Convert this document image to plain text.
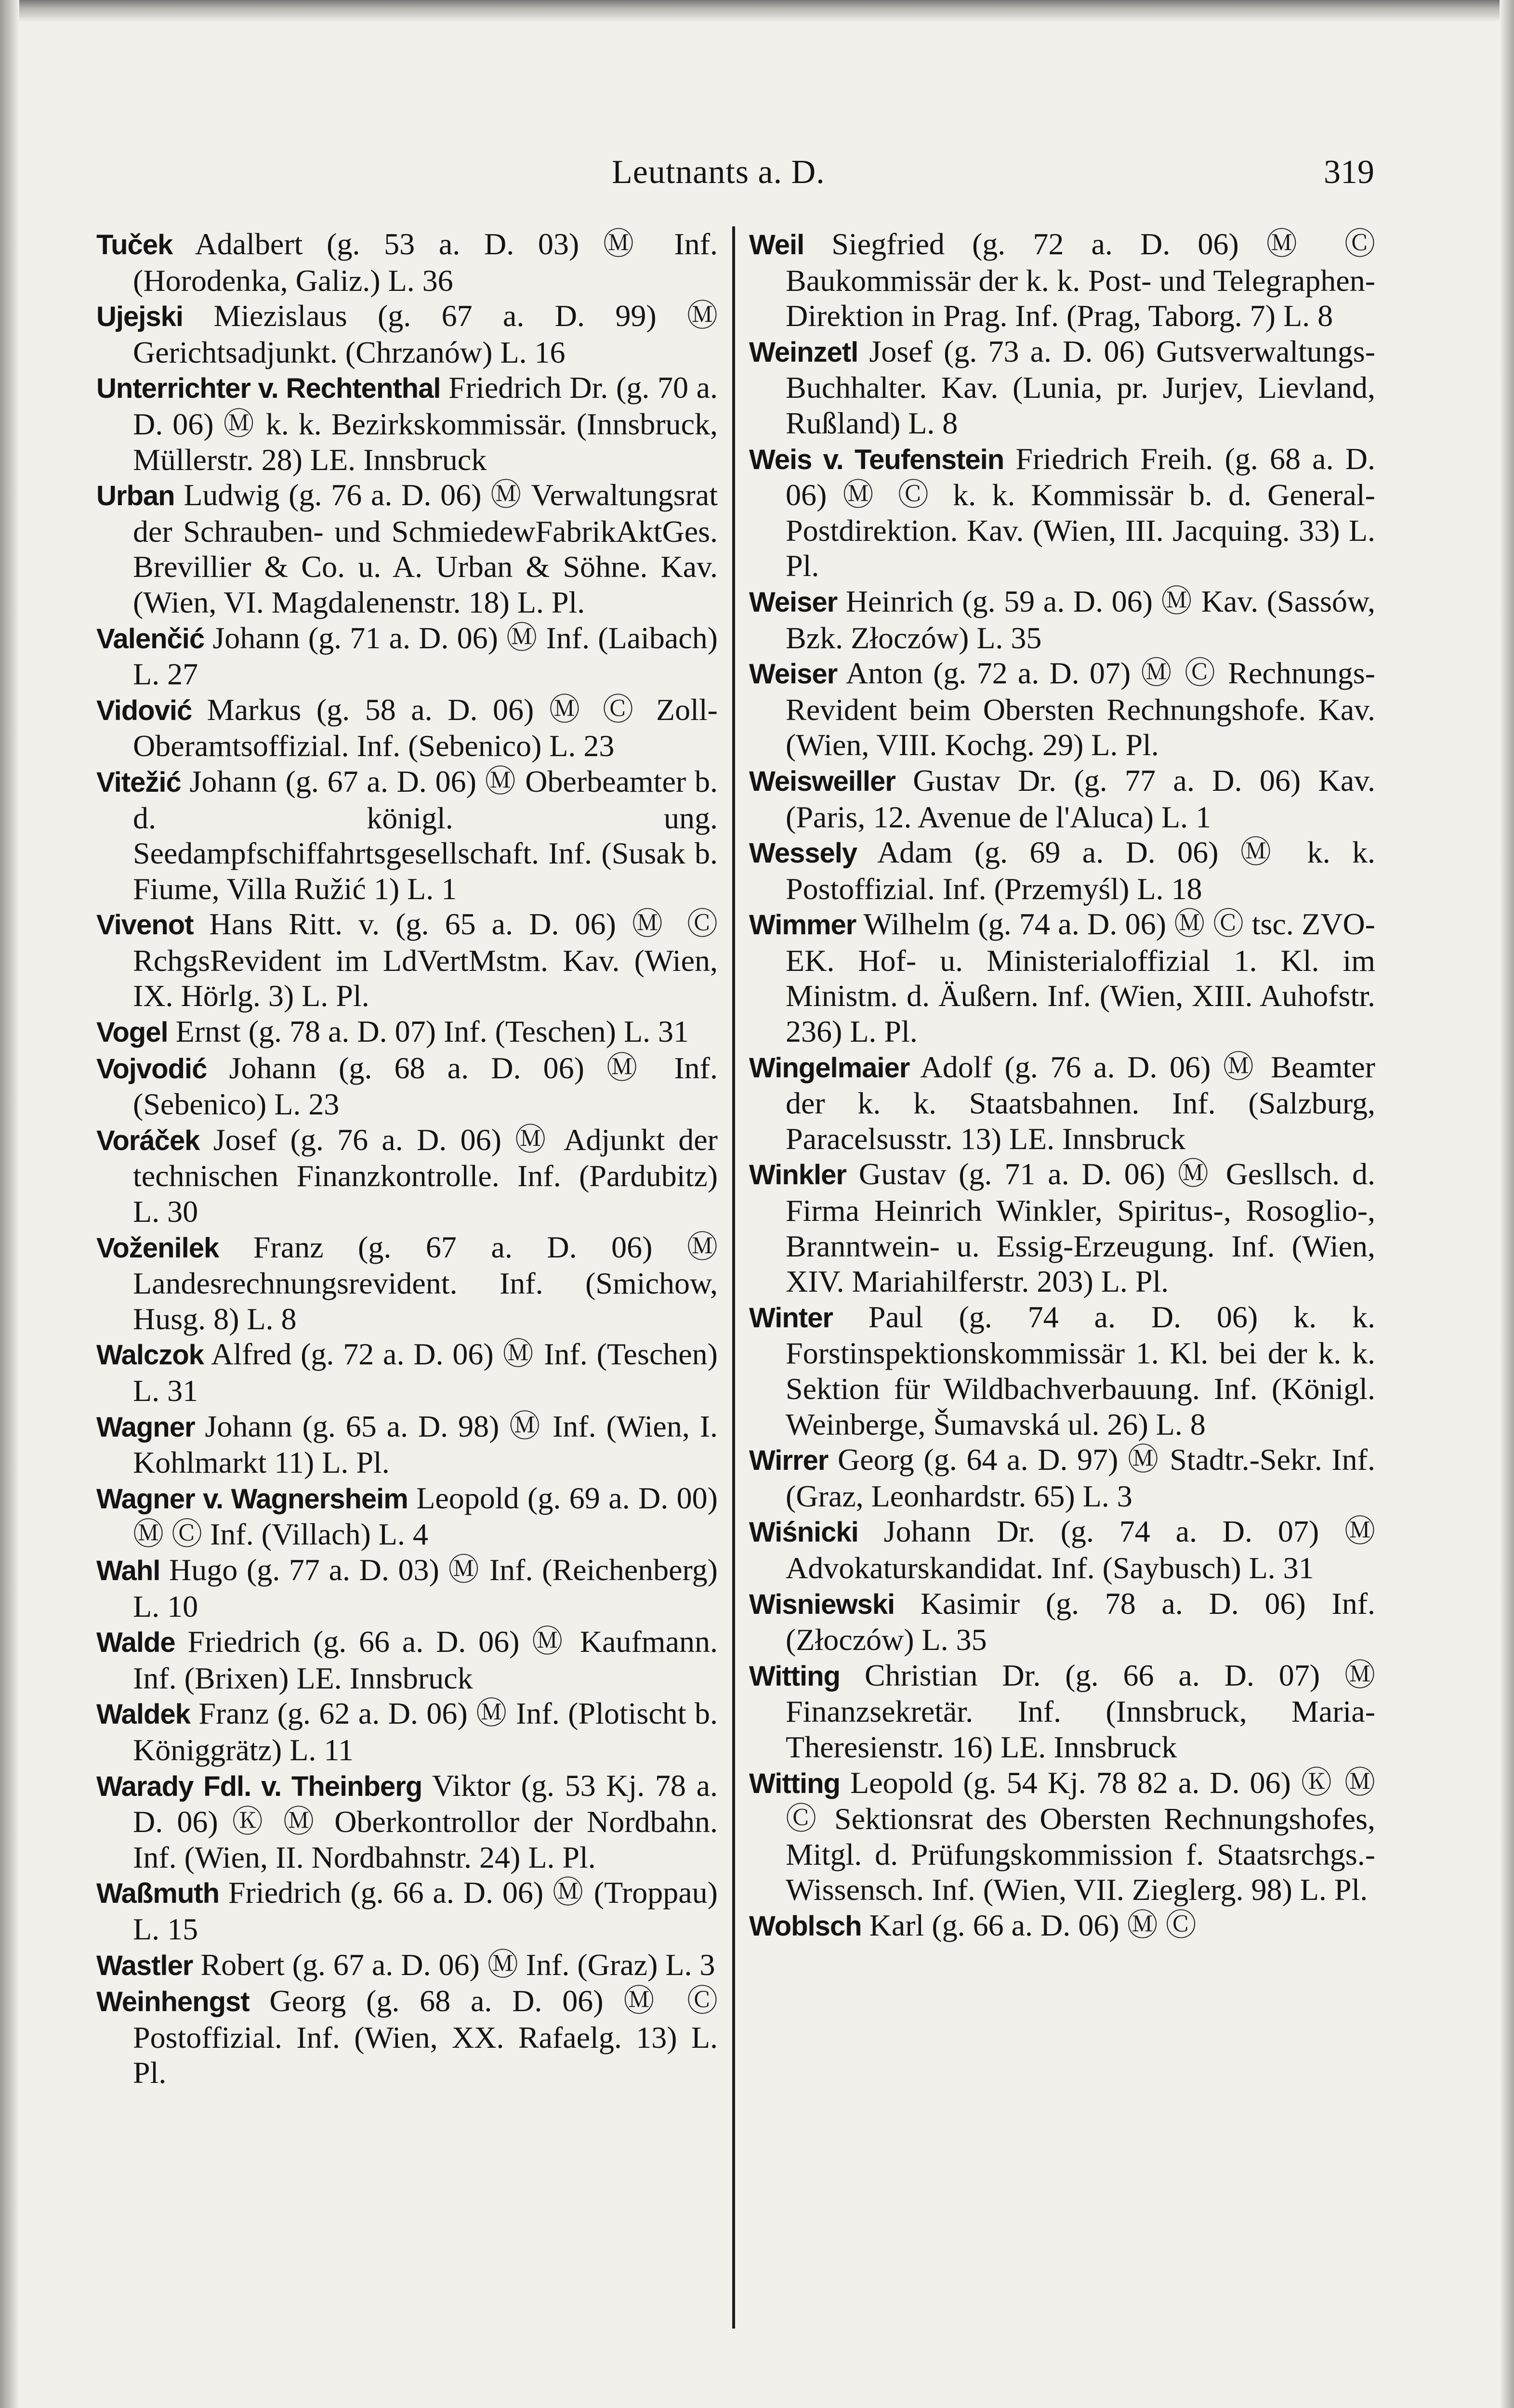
Leutnants a. D.	319

Tuček Adalbert (g. 53 a. D. 03) Ⓜ Inf. (Horodenka, Galiz.) L. 36

Ujejski Miezislaus (g. 67 a. D. 99) Ⓜ Gerichtsadjunkt. (Chrzanów) L. 16

Unterrichter v. Rechtenthal Friedrich Dr. (g. 70 a. D. 06) Ⓜ k. k. Bezirkskommissär. (Innsbruck, Müllerstr. 28) LE. Innsbruck

Urban Ludwig (g. 76 a. D. 06) Ⓜ Verwaltungsrat der Schrauben- und SchmiedewFabrikAktGes. Brevillier & Co. u. A. Urban & Söhne. Kav. (Wien, VI. Magdalenenstr. 18) L. Pl.

Valenčić Johann (g. 71 a. D. 06) Ⓜ Inf. (Laibach) L. 27

Vidović Markus (g. 58 a. D. 06) Ⓜ Ⓒ Zoll-Oberamtsoffizial. Inf. (Sebenico) L. 23

Vitežić Johann (g. 67 a. D. 06) Ⓜ Oberbeamter b. d. königl. ung. Seedampfschiffahrtsgesellschaft. Inf. (Susak b. Fiume, Villa Ružić 1) L. 1

Vivenot Hans Ritt. v. (g. 65 a. D. 06) Ⓜ Ⓒ RchgsRevident im LdVertMstm. Kav. (Wien, IX. Hörlg. 3) L. Pl.

Vogel Ernst (g. 78 a. D. 07) Inf. (Teschen) L. 31

Vojvodić Johann (g. 68 a. D. 06) Ⓜ Inf. (Sebenico) L. 23

Voráček Josef (g. 76 a. D. 06) Ⓜ Adjunkt der technischen Finanzkontrolle. Inf. (Pardubitz) L. 30

Voženilek Franz (g. 67 a. D. 06) Ⓜ Landesrechnungsrevident. Inf. (Smichow, Husg. 8) L. 8

Walczok Alfred (g. 72 a. D. 06) Ⓜ Inf. (Teschen) L. 31

Wagner Johann (g. 65 a. D. 98) Ⓜ Inf. (Wien, I. Kohlmarkt 11) L. Pl.

Wagner v. Wagnersheim Leopold (g. 69 a. D. 00) Ⓜ Ⓒ Inf. (Villach) L. 4

Wahl Hugo (g. 77 a. D. 03) Ⓜ Inf. (Reichenberg) L. 10

Walde Friedrich (g. 66 a. D. 06) Ⓜ Kaufmann. Inf. (Brixen) LE. Innsbruck

Waldek Franz (g. 62 a. D. 06) Ⓜ Inf. (Plotischt b. Königgrätz) L. 11

Warady Fdl. v. Theinberg Viktor (g. 53 Kj. 78 a. D. 06) Ⓚ Ⓜ Oberkontrollor der Nordbahn. Inf. (Wien, II. Nordbahnstr. 24) L. Pl.

Waßmuth Friedrich (g. 66 a. D. 06) Ⓜ (Troppau) L. 15

Wastler Robert (g. 67 a. D. 06) Ⓜ Inf. (Graz) L. 3

Weinhengst Georg (g. 68 a. D. 06) Ⓜ Ⓒ Postoffizial. Inf. (Wien, XX. Rafaelg. 13) L. Pl.

Weil Siegfried (g. 72 a. D. 06) Ⓜ Ⓒ Baukommissär der k. k. Post- und Telegraphen-Direktion in Prag. Inf. (Prag, Taborg. 7) L. 8

Weinzetl Josef (g. 73 a. D. 06) Gutsverwaltungs-Buchhalter. Kav. (Lunia, pr. Jurjev, Lievland, Rußland) L. 8

Weis v. Teufenstein Friedrich Freih. (g. 68 a. D. 06) Ⓜ Ⓒ k. k. Kommissär b. d. General-Postdirektion. Kav. (Wien, III. Jacquing. 33) L. Pl.

Weiser Heinrich (g. 59 a. D. 06) Ⓜ Kav. (Sassów, Bzk. Złoczów) L. 35

Weiser Anton (g. 72 a. D. 07) Ⓜ Ⓒ Rechnungs-Revident beim Obersten Rechnungshofe. Kav. (Wien, VIII. Kochg. 29) L. Pl.

Weisweiller Gustav Dr. (g. 77 a. D. 06) Kav. (Paris, 12. Avenue de l'Aluca) L. 1

Wessely Adam (g. 69 a. D. 06) Ⓜ k. k. Postoffizial. Inf. (Przemyśl) L. 18

Wimmer Wilhelm (g. 74 a. D. 06) Ⓜ Ⓒ tsc. ZVO-EK. Hof- u. Ministerialoffizial 1. Kl. im Ministm. d. Äußern. Inf. (Wien, XIII. Auhofstr. 236) L. Pl.

Wingelmaier Adolf (g. 76 a. D. 06) Ⓜ Beamter der k. k. Staatsbahnen. Inf. (Salzburg, Paracelsusstr. 13) LE. Innsbruck

Winkler Gustav (g. 71 a. D. 06) Ⓜ Gesllsch. d. Firma Heinrich Winkler, Spiritus-, Rosoglio-, Branntwein- u. Essig-Erzeugung. Inf. (Wien, XIV. Mariahilferstr. 203) L. Pl.

Winter Paul (g. 74 a. D. 06) k. k. Forstinspektionskommissär 1. Kl. bei der k. k. Sektion für Wildbachverbauung. Inf. (Königl. Weinberge, Šumavská ul. 26) L. 8

Wirrer Georg (g. 64 a. D. 97) Ⓜ Stadtr.-Sekr. Inf. (Graz, Leonhardstr. 65) L. 3

Wiśnicki Johann Dr. (g. 74 a. D. 07) Ⓜ Advokaturskandidat. Inf. (Saybusch) L. 31

Wisniewski Kasimir (g. 78 a. D. 06) Inf. (Złoczów) L. 35

Witting Christian Dr. (g. 66 a. D. 07) Ⓜ Finanzsekretär. Inf. (Innsbruck, Maria-Theresienstr. 16) LE. Innsbruck

Witting Leopold (g. 54 Kj. 78 82 a. D. 06) Ⓚ Ⓜ Ⓒ Sektionsrat des Obersten Rechnungshofes, Mitgl. d. Prüfungskommission f. Staatsrchgs.-Wissensch. Inf. (Wien, VII. Zieglerg. 98) L. Pl.

Woblsch Karl (g. 66 a. D. 06) Ⓜ Ⓒ
